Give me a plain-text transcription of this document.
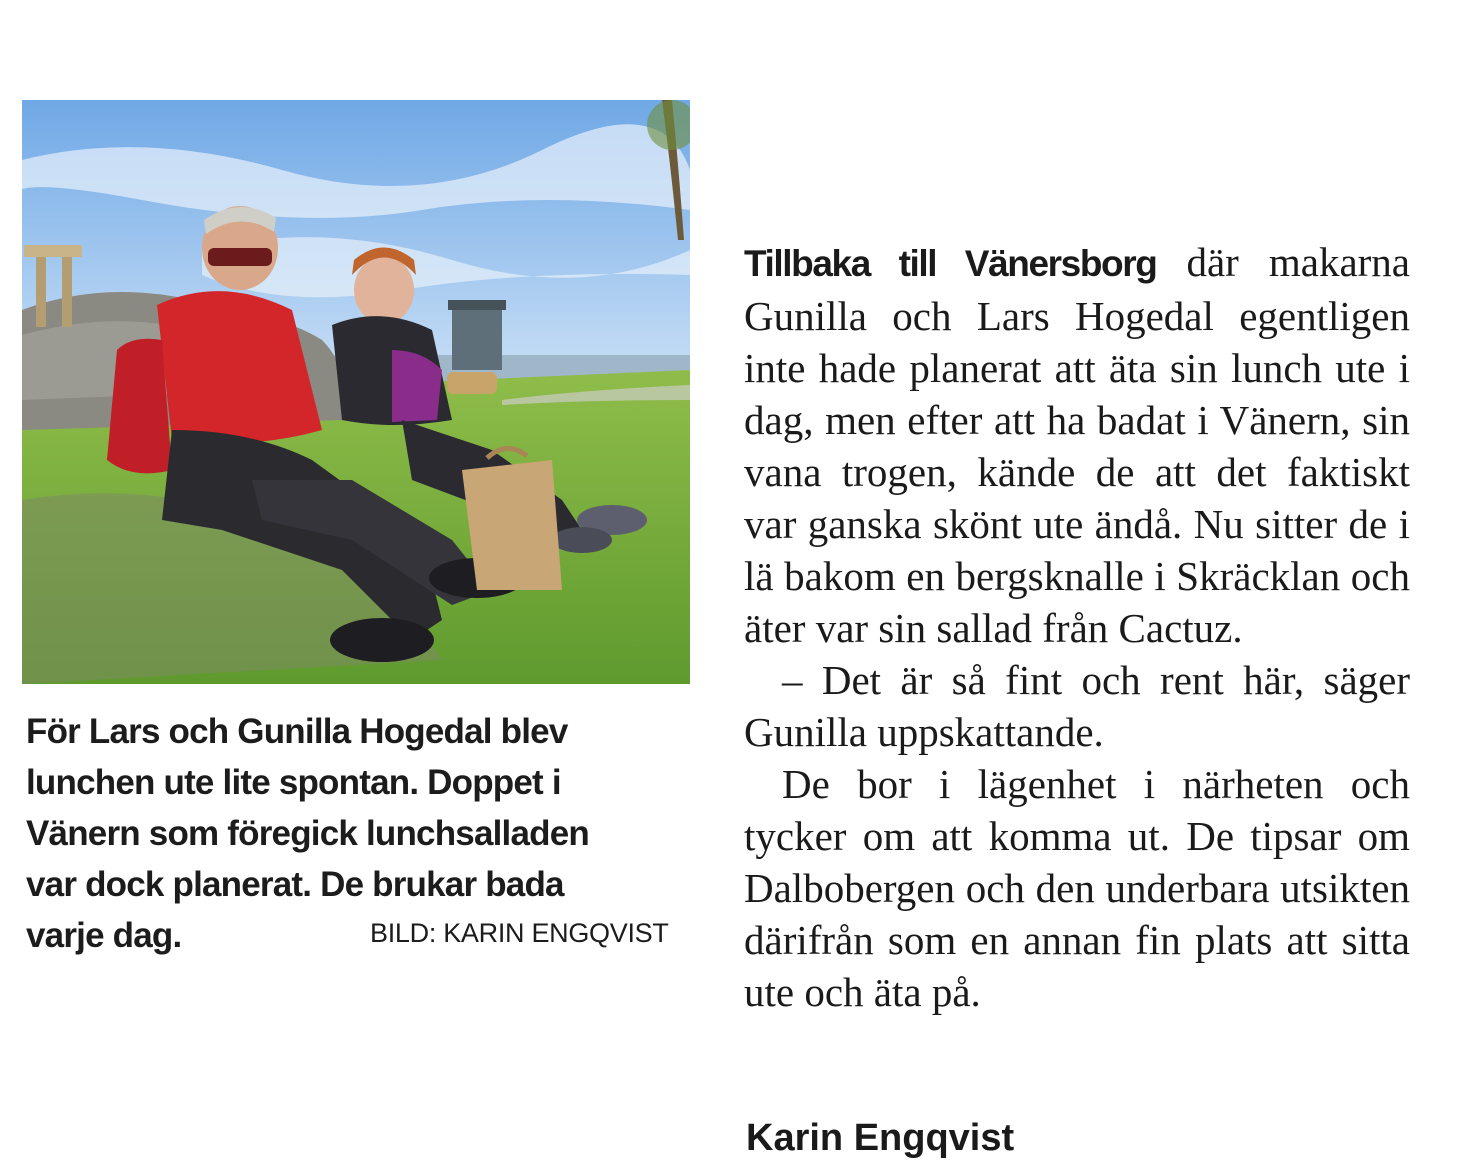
För Lars och Gunilla Hogedal blev
lunchen ute lite spontan. Doppet i
Vänern som föregick lunchsalladen
var dock planerat. De brukar bada
varje dag.	BILD: KARIN ENGQVIST

Tillbaka till Vänersborg där makarna Gunilla och Lars Hogedal egentligen inte hade planerat att äta sin lunch ute i dag, men efter att ha badat i Vänern, sin vana trogen, kände de att det faktiskt var ganska skönt ute ändå. Nu sitter de i lä bakom en bergsknalle i Skräcklan och äter var sin sallad från Cactuz.

– Det är så fint och rent här, säger Gunilla uppskattande.

De bor i lägenhet i närheten och tycker om att komma ut. De tipsar om Dalbobergen och den underbara utsikten därifrån som en annan fin plats att sitta ute och äta på.

Karin Engqvist
